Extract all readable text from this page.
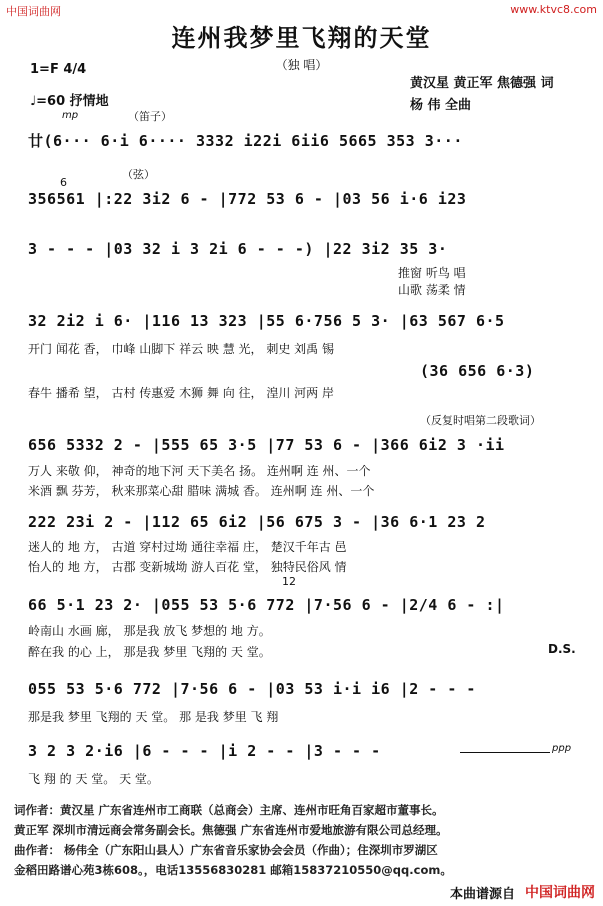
中国词曲网	www.ktvc8.com
连州我梦里飞翔的天堂
（独 唱）
1=F 4/4
♩=60 抒情地
黄汉星 黄正军 焦德强 词
杨 伟 全曲
mp	（笛子）
（弦）
6
（反复时唱第二段歌词）
12
廿(6··· 6·i 6···· 3332 i22i 6ii6 5665 353 3···
356561 |:22 3i2 6 - |772 53 6 - |03 56 i·6 i23
3 - - - |03 32 i 3 2i 6 - - -) |22 3i2 35 3·
推窗 听鸟 唱
山歌 荡柔 情
32 2i2 i 6· |116 13 323 |55 6·756 5 3· |63 567 6·5
开门 闻花 香， 巾峰 山脚下 祥云 映 慧 光， 刺史 刘禹 锡
(36 656 6·3)
春牛 播希 望， 古村 传惠爱 木狮 舞 向 往， 湟川 河两 岸
656 5332 2 - |555 65 3·5 |77 53 6 - |366 6i2 3 ·ii
万人 来敬 仰， 神奇的地下河 天下美名 扬。 连州啊 连 州、一个
米酒 飘 芬芳， 秋来那菜心甜 腊味 满城 香。 连州啊 连 州、一个
222 23i 2 - |112 65 6i2 |56 675 3 - |36 6·1 23 2
迷人的 地 方， 古道 穿村过坳 通往幸福 庄， 楚汉千年古 邑
怡人的 地 方， 古郡 变新城坳 游人百花 堂， 独特民俗风 情
66 5·1 23 2· |055 53 5·6 772 |7·56 6 - |2/4 6 - :|
岭南山 水画 廊， 那是我 放飞 梦想的 地 方。
醉在我 的心 上， 那是我 梦里 飞翔的 天 堂。	D.S.
055 53 5·6 772 |7·56 6 - |03 53 i·i i6 |2 - - -
那是我 梦里 飞翔的 天 堂。 那 是我 梦里 飞 翔
3 2 3 2·i6 |6 - - - |i 2 - - |3 - - -
飞 翔 的 天 堂。 天 堂。
ppp
词作者：黄汉星 广东省连州市工商联（总商会）主席、连州市旺角百家超市董事长。
黄正军 深圳市清远商会常务副会长。焦德强 广东省连州市爱地旅游有限公司总经理。
曲作者： 杨伟全（广东阳山县人）广东省音乐家协会会员（作曲）；住深圳市罗湖区
金稻田路谱心苑3栋608。，电话13556830281 邮箱15837210550@qq.com。
本曲谱源自 中国词曲网
